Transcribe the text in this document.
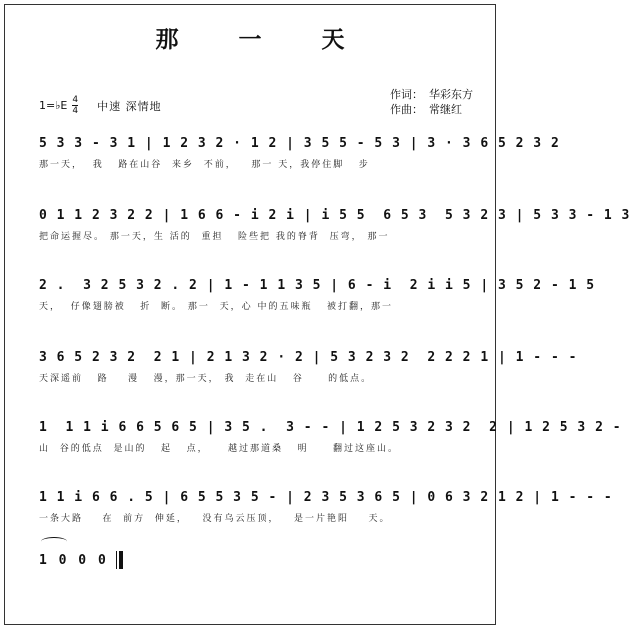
那 一 天
1=♭E $\frac{4}{4}$ 中速 深情地
作词： 华彩东方
作曲： 常继红
5 3 3 - 3 1 | 1 2 3 2 · 1 2 | 3 5 5 - 5 3 | 3 · 3 6 5 2 3 2
那一天，  我   路在山谷  来乡  不前，   那一 天，我停住脚   步
0 1 1 2 3 2 2 | 1 6 6 - i 2 i | i 5 5  6 5 3  5 3 2 3 | 5 3 3 - 1 3
把命运握尽。 那一天，生 活的  重担   险些把 我的脊背  压弯， 那一
2 .  3 2 5 3 2 . 2 | 1 - 1 1 3 5 | 6 - i  2 i i 5 | 3 5 2 - 1 5
天，  仔像翅膀被   折  断。 那一  天，心 中的五味瓶   被打翻，那一
3 6 5 2 3 2  2 1 | 2 1 3 2 · 2 | 5 3 2 3 2  2 2 2 1 | 1 - - -
天深遥前   路    漫   漫，那一天， 我  走在山   谷     的低点。
1  1 1 i 6 6 5 6 5 | 3 5 .  3 - - | 1 2 5 3 2 3 2  2 | 1 2 5 3 2 -
山  谷的低点  是山的   起   点，    越过那道桑   明     翻过这座山。
1 1 i 6 6 . 5 | 6 5 5 3 5 - | 2 3 5 3 6 5 | 0 6 3 2 1 2 | 1 - - -
一条大路    在  前方  伸延，   没有乌云压顶，   是一片艳阳    天。
1 0 0 0
